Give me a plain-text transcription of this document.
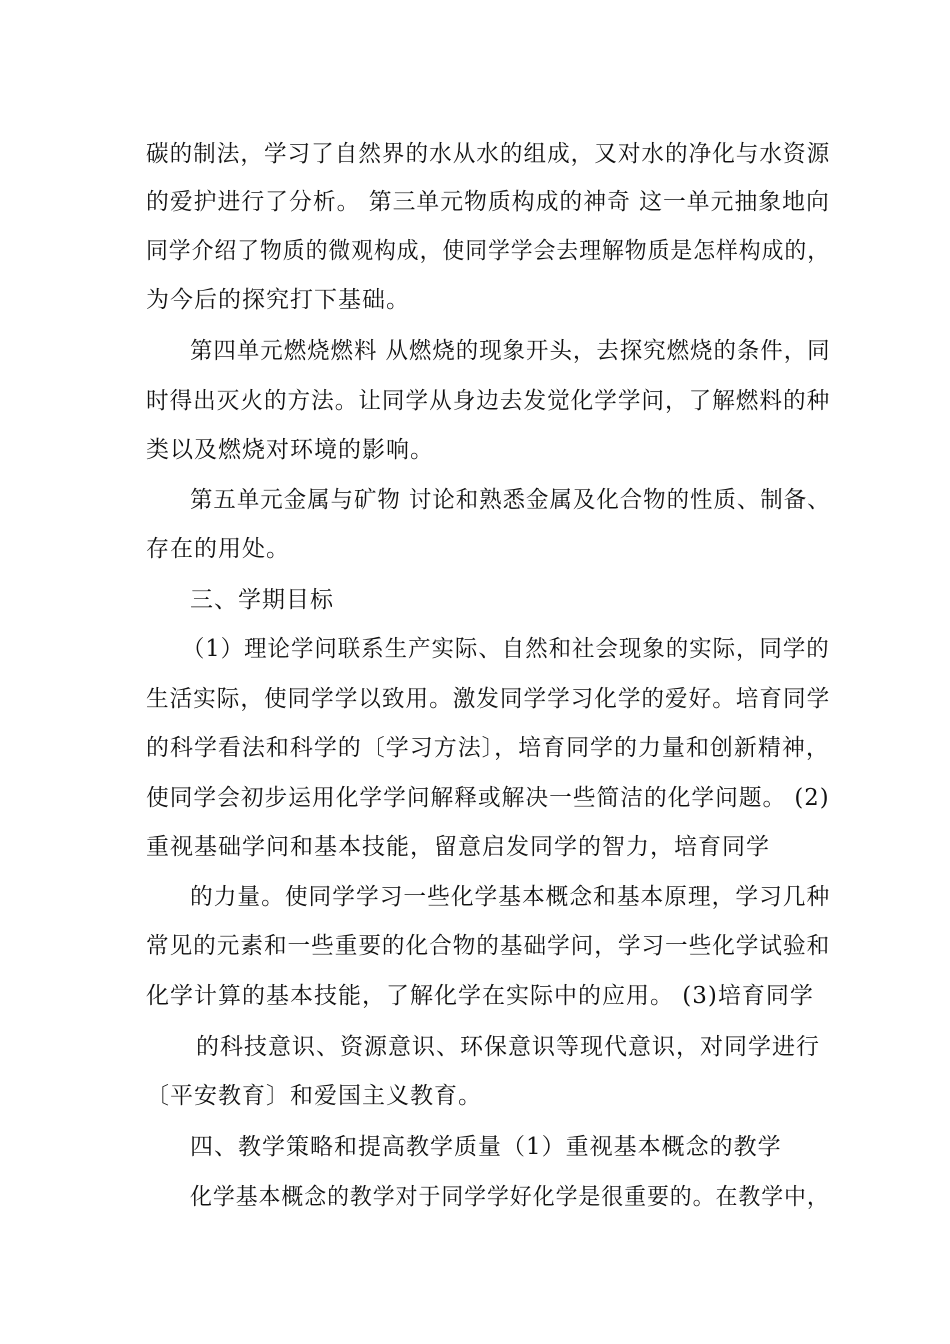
碳的制法，学习了自然界的水从水的组成，又对水的净化与水资源
的爱护进行了分析。 第三单元物质构成的神奇 这一单元抽象地向
同学介绍了物质的微观构成，使同学学会去理解物质是怎样构成的，
为今后的探究打下基础。
第四单元燃烧燃料 从燃烧的现象开头，去探究燃烧的条件，同
时得出灭火的方法。让同学从身边去发觉化学学问，了解燃料的种
类以及燃烧对环境的影响。
第五单元金属与矿物 讨论和熟悉金属及化合物的性质、制备、
存在的用处。
三、学期目标
（1）理论学问联系生产实际、自然和社会现象的实际，同学的
生活实际，使同学学以致用。激发同学学习化学的爱好。培育同学
的科学看法和科学的〔学习方法〕，培育同学的力量和创新精神，
使同学会初步运用化学学问解释或解决一些简洁的化学问题。 (2)
重视基础学问和基本技能，留意启发同学的智力，培育同学
的力量。使同学学习一些化学基本概念和基本原理，学习几种
常见的元素和一些重要的化合物的基础学问，学习一些化学试验和
化学计算的基本技能，了解化学在实际中的应用。 (3)培育同学
的科技意识、资源意识、环保意识等现代意识，对同学进行
〔平安教育〕和爱国主义教育。
四、教学策略和提高教学质量（1）重视基本概念的教学
化学基本概念的教学对于同学学好化学是很重要的。在教学中，
